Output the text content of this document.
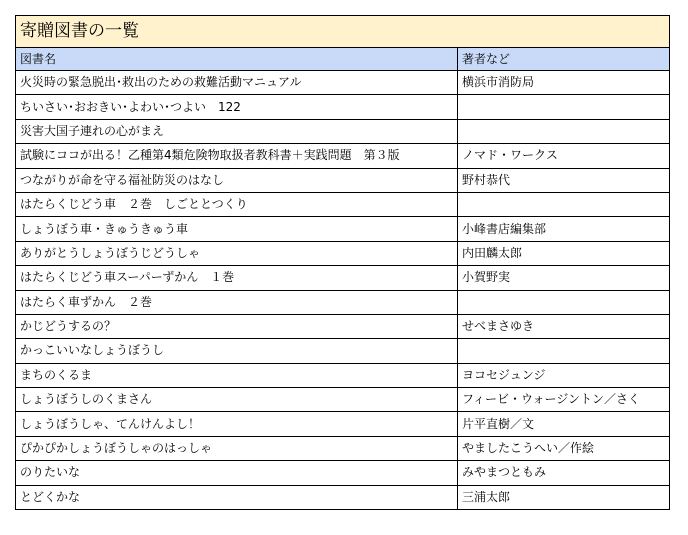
寄贈図書の一覧	
図書名	著者など
火災時の緊急脱出･救出のための救難活動マニュアル	横浜市消防局
ちいさい･おおきい･よわい･つよい　122	
災害大国子連れの心がまえ	
試験にココが出る！乙種第4類危険物取扱者教科書＋実践問題　第３版	ノマド・ワークス
つながりが命を守る福祉防災のはなし	野村恭代
はたらくじどう車　２巻　しごととつくり	
しょうぼう車・きゅうきゅう車	小峰書店編集部
ありがとうしょうぼうじどうしゃ	内田麟太郎
はたらくじどう車スーパーずかん　１巻	小賀野実
はたらく車ずかん　２巻	
かじどうするの？	せべまさゆき
かっこいいなしょうぼうし	
まちのくるま	ヨコセジュンジ
しょうぼうしのくまさん	フィービ・ウォージントン／さく
しょうぼうしゃ、てんけんよし！	片平直樹／文
ぴかぴかしょうぼうしゃのはっしゃ	やましたこうへい／作絵
のりたいな	みやまつともみ
とどくかな	三浦太郎
